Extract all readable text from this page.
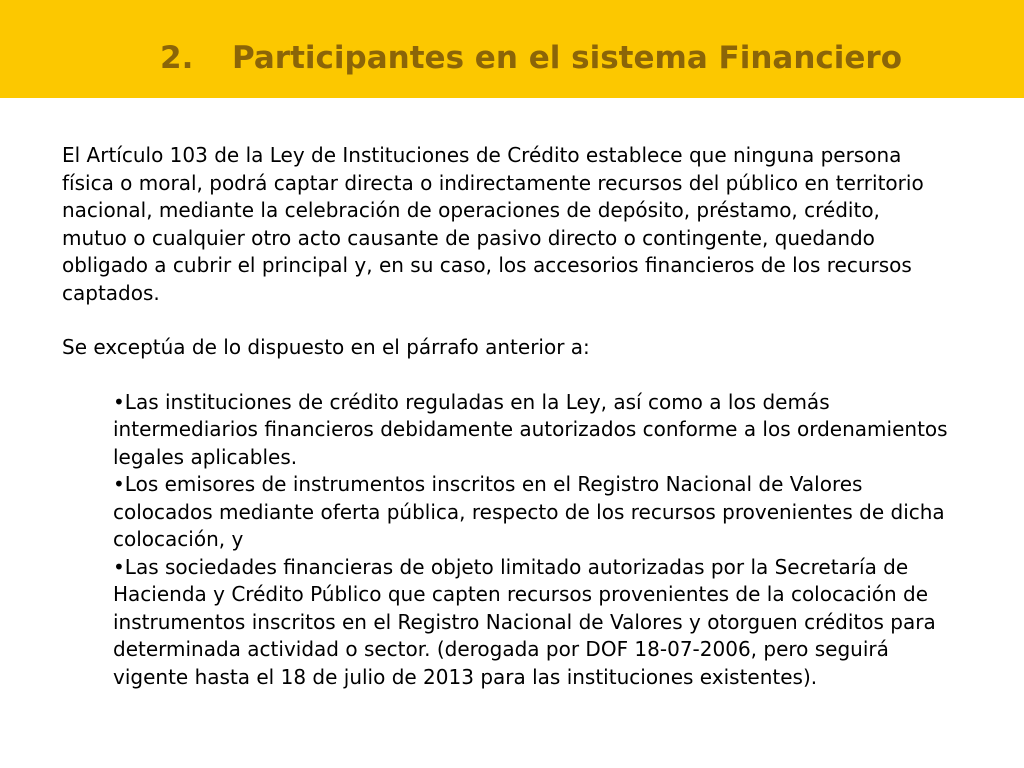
2. Participantes en el sistema Financiero

El Artículo 103 de la Ley de Instituciones de Crédito establece que ninguna persona física o moral, podrá captar directa o indirectamente recursos del público en territorio nacional, mediante la celebración de operaciones de depósito, préstamo, crédito, mutuo o cualquier otro acto causante de pasivo directo o contingente, quedando obligado a cubrir el principal y, en su caso, los accesorios financieros de los recursos captados.

Se exceptúa de lo dispuesto en el párrafo anterior a:

•Las instituciones de crédito reguladas en la Ley, así como a los demás intermediarios financieros debidamente autorizados conforme a los ordenamientos legales aplicables.
•Los emisores de instrumentos inscritos en el Registro Nacional de Valores colocados mediante oferta pública, respecto de los recursos provenientes de dicha colocación, y
•Las sociedades financieras de objeto limitado autorizadas por la Secretaría de Hacienda y Crédito Público que capten recursos provenientes de la colocación de instrumentos inscritos en el Registro Nacional de Valores y otorguen créditos para determinada actividad o sector. (derogada por DOF 18-07-2006, pero seguirá vigente hasta el 18 de julio de 2013 para las instituciones existentes).
